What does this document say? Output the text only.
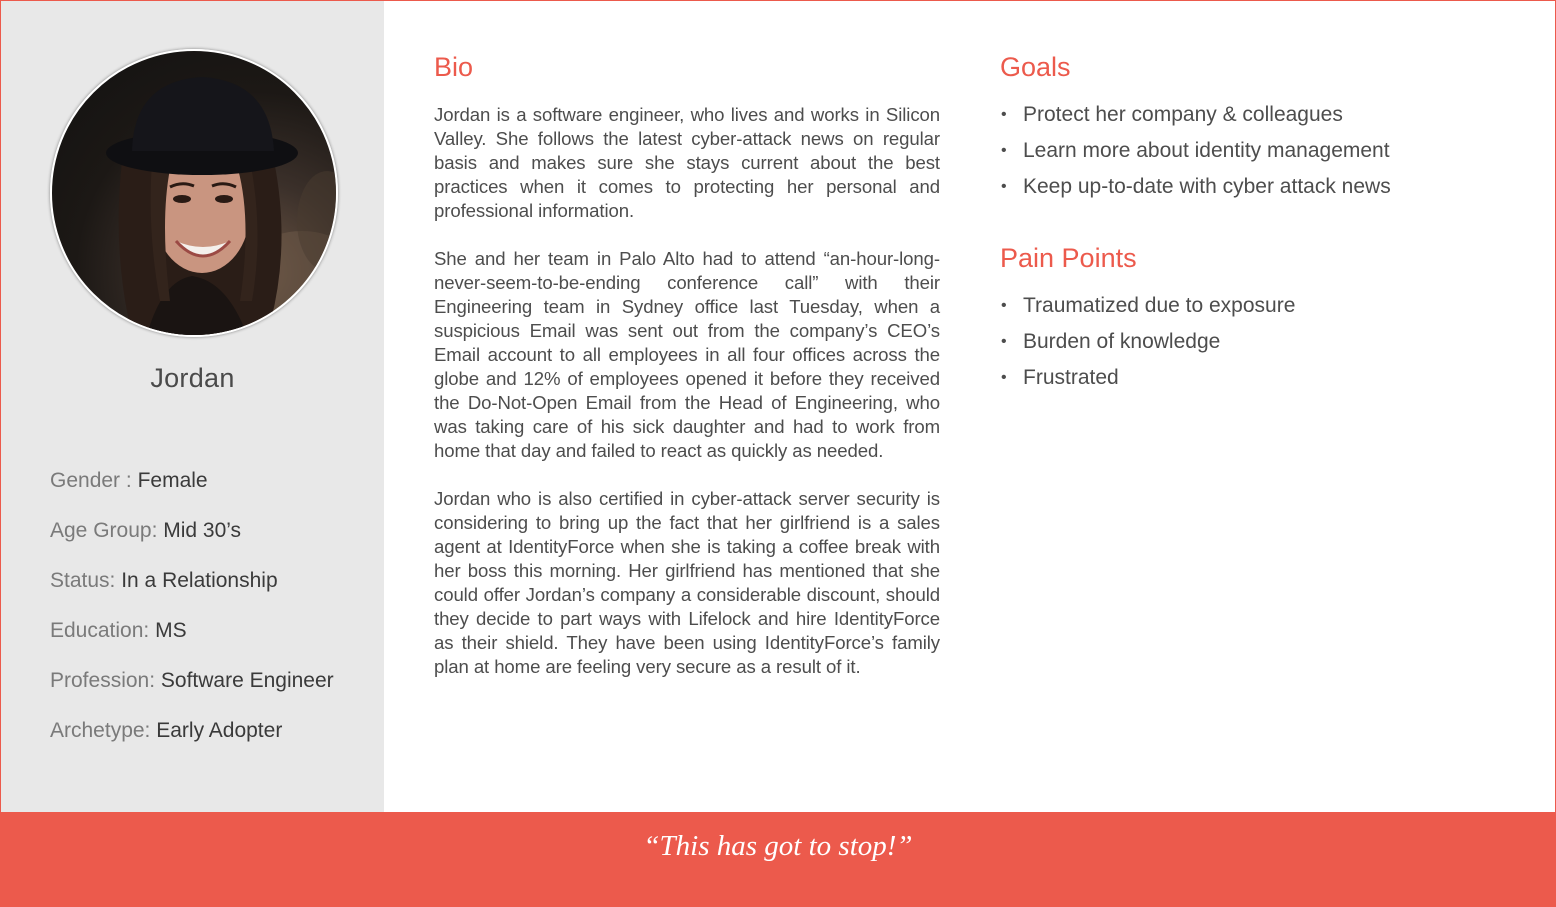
Jordan
Gender : Female
Age Group: Mid 30’s
Status: In a Relationship
Education: MS
Profession: Software Engineer
Archetype: Early Adopter
Bio

Jordan is a software engineer, who lives and works in Silicon Valley. She follows the latest cyber-attack news on regular basis and makes sure she stays current about the best practices when it comes to protecting her personal and professional information.

She and her team in Palo Alto had to attend “an-hour-long-never-seem-to-be-ending conference call” with their Engineering team in Sydney office last Tuesday, when a suspicious Email was sent out from the company’s CEO’s Email account to all employees in all four offices across the globe and 12% of employees opened it before they received the Do-Not-Open Email from the Head of Engineering, who was taking care of his sick daughter and had to work from home that day and failed to react as quickly as needed.

Jordan who is also certified in cyber-attack server security is considering to bring up the fact that her girlfriend is a sales agent at IdentityForce when she is taking a coffee break with her boss this morning. Her girlfriend has mentioned that she could offer Jordan’s company a considerable discount, should they decide to part ways with Lifelock and hire IdentityForce as their shield. They have been using IdentityForce’s family plan at home are feeling very secure as a result of it.

Goals
• Protect her company & colleagues
• Learn more about identity management
• Keep up-to-date with cyber attack news
Pain Points
• Traumatized due to exposure
• Burden of knowledge
• Frustrated
“This has got to stop!”
